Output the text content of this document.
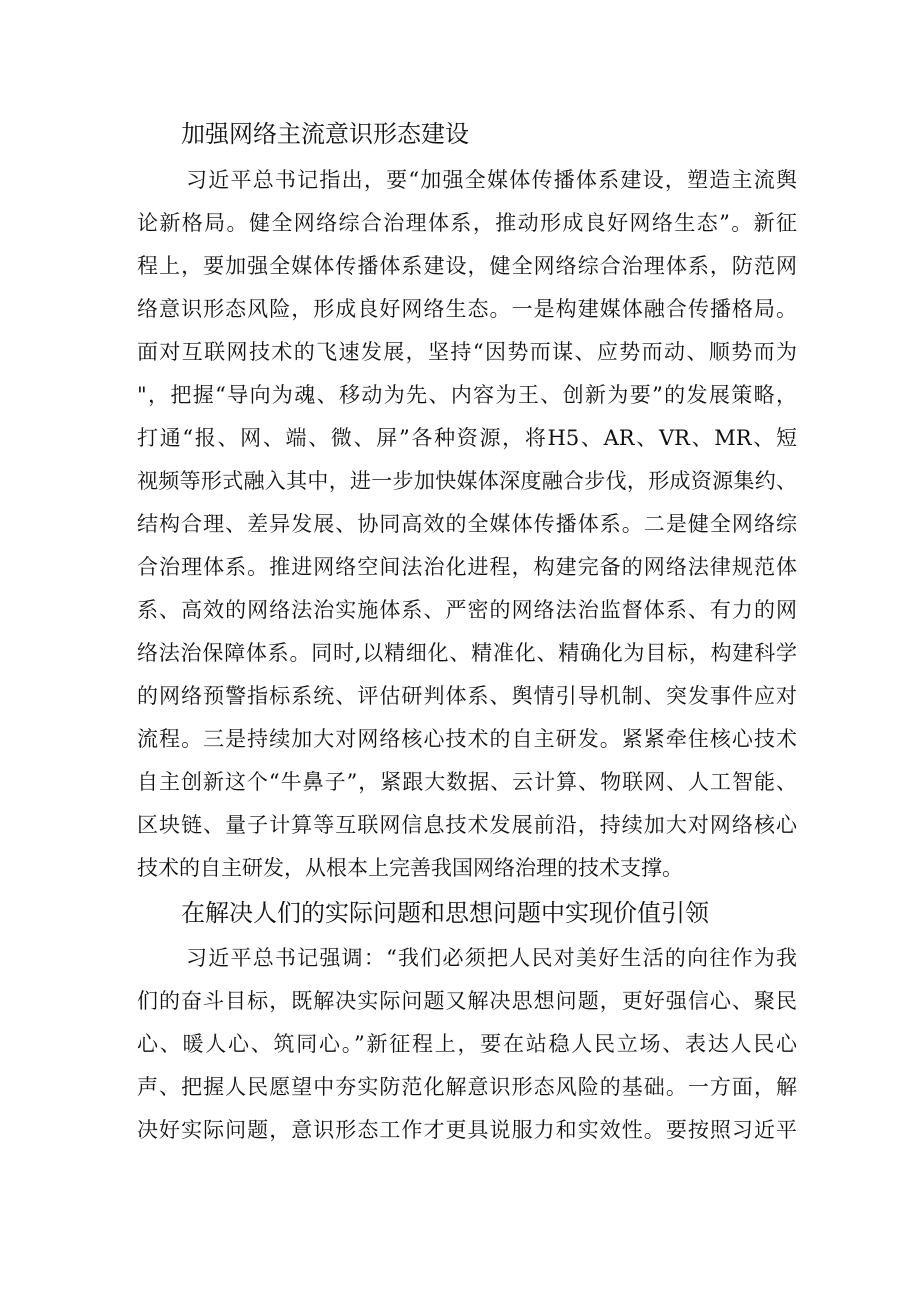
加强网络主流意识形态建设
习近平总书记指出，要“加强全媒体传播体系建设，塑造主流舆
论新格局。健全网络综合治理体系，推动形成良好网络生态”。新征
程上，要加强全媒体传播体系建设，健全网络综合治理体系，防范网
络意识形态风险，形成良好网络生态。一是构建媒体融合传播格局。
面对互联网技术的飞速发展，坚持“因势而谋、应势而动、顺势而为
"，把握“导向为魂、移动为先、内容为王、创新为要”的发展策略，
打通“报、网、端、微、屏”各种资源，将H5、AR、VR、MR、短
视频等形式融入其中，进一步加快媒体深度融合步伐，形成资源集约、
结构合理、差异发展、协同高效的全媒体传播体系。二是健全网络综
合治理体系。推进网络空间法治化进程，构建完备的网络法律规范体
系、高效的网络法治实施体系、严密的网络法治监督体系、有力的网
络法治保障体系。同时,以精细化、精准化、精确化为目标，构建科学
的网络预警指标系统、评估研判体系、舆情引导机制、突发事件应对
流程。三是持续加大对网络核心技术的自主研发。紧紧牵住核心技术
自主创新这个“牛鼻子”，紧跟大数据、云计算、物联网、人工智能、
区块链、量子计算等互联网信息技术发展前沿，持续加大对网络核心
技术的自主研发，从根本上完善我国网络治理的技术支撑。
在解决人们的实际问题和思想问题中实现价值引领
习近平总书记强调：“我们必须把人民对美好生活的向往作为我
们的奋斗目标，既解决实际问题又解决思想问题，更好强信心、聚民
心、暖人心、筑同心。”新征程上，要在站稳人民立场、表达人民心
声、把握人民愿望中夯实防范化解意识形态风险的基础。一方面，解
决好实际问题，意识形态工作才更具说服力和实效性。要按照习近平
